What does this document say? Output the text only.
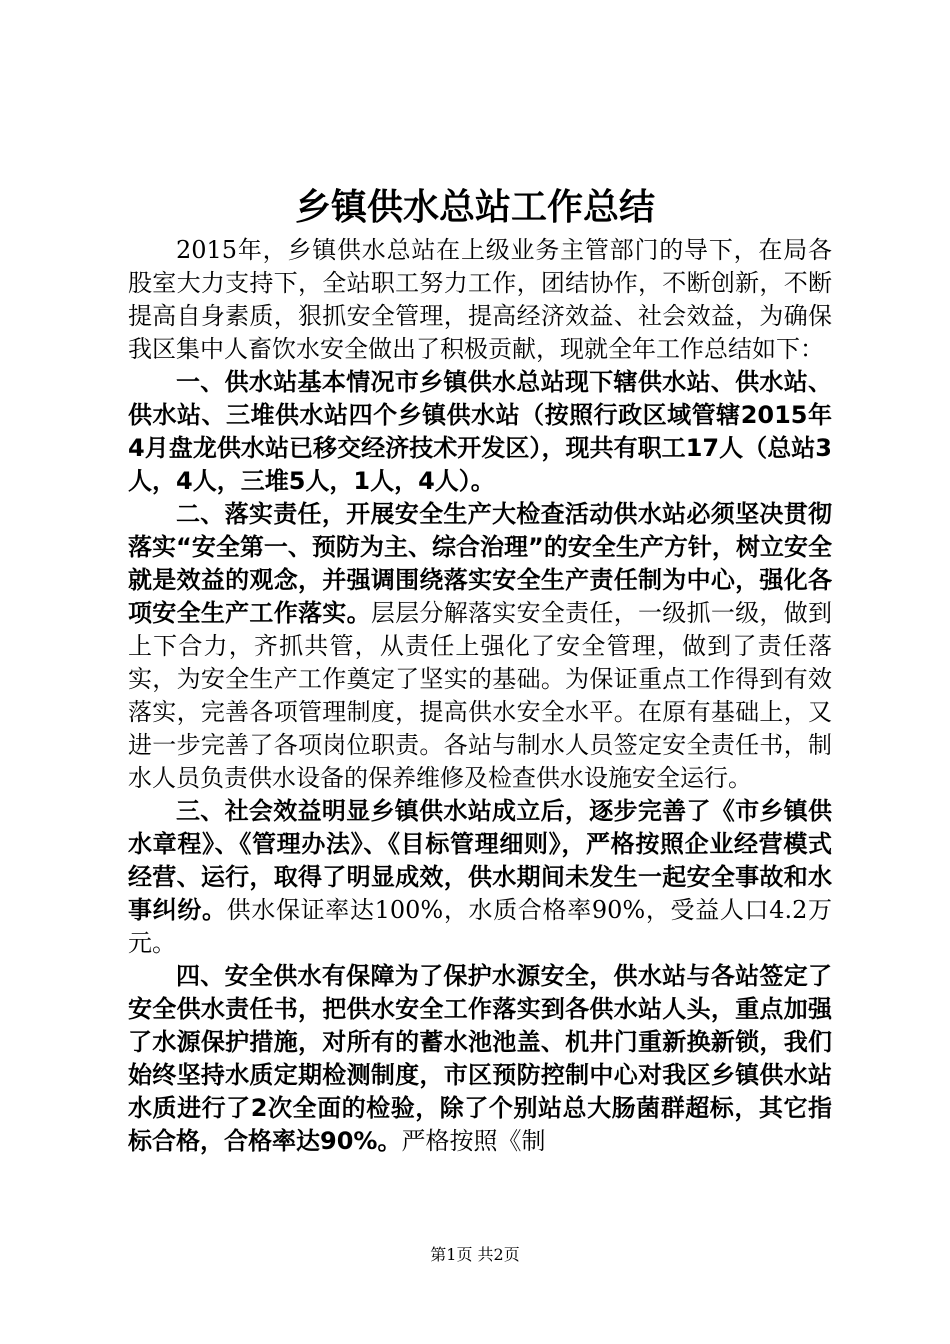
乡镇供水总站工作总结

2015年，乡镇供水总站在上级业务主管部门的导下，在局各股室大力支持下，全站职工努力工作，团结协作，不断创新，不断提高自身素质，狠抓安全管理，提高经济效益、社会效益，为确保我区集中人畜饮水安全做出了积极贡献，现就全年工作总结如下：

一、供水站基本情况市乡镇供水总站现下辖供水站、供水站、供水站、三堆供水站四个乡镇供水站（按照行政区域管辖2015年4月盘龙供水站已移交经济技术开发区），现共有职工17人（总站3人，4人，三堆5人，1人，4人）。

二、落实责任，开展安全生产大检查活动供水站必须坚决贯彻落实“安全第一、预防为主、综合治理”的安全生产方针，树立安全就是效益的观念，并强调围绕落实安全生产责任制为中心，强化各项安全生产工作落实。层层分解落实安全责任，一级抓一级，做到上下合力，齐抓共管，从责任上强化了安全管理，做到了责任落实，为安全生产工作奠定了坚实的基础。为保证重点工作得到有效落实，完善各项管理制度，提高供水安全水平。在原有基础上，又进一步完善了各项岗位职责。各站与制水人员签定安全责任书，制水人员负责供水设备的保养维修及检查供水设施安全运行。

三、社会效益明显乡镇供水站成立后，逐步完善了《市乡镇供水章程》、《管理办法》、《目标管理细则》，严格按照企业经营模式经营、运行，取得了明显成效，供水期间未发生一起安全事故和水事纠纷。供水保证率达100%，水质合格率90%，受益人口4.2万元。

四、安全供水有保障为了保护水源安全，供水站与各站签定了安全供水责任书，把供水安全工作落实到各供水站人头，重点加强了水源保护措施，对所有的蓄水池池盖、机井门重新换新锁，我们始终坚持水质定期检测制度，市区预防控制中心对我区乡镇供水站水质进行了2次全面的检验，除了个别站总大肠菌群超标，其它指标合格，合格率达90%。严格按照《制

第1页 共2页
